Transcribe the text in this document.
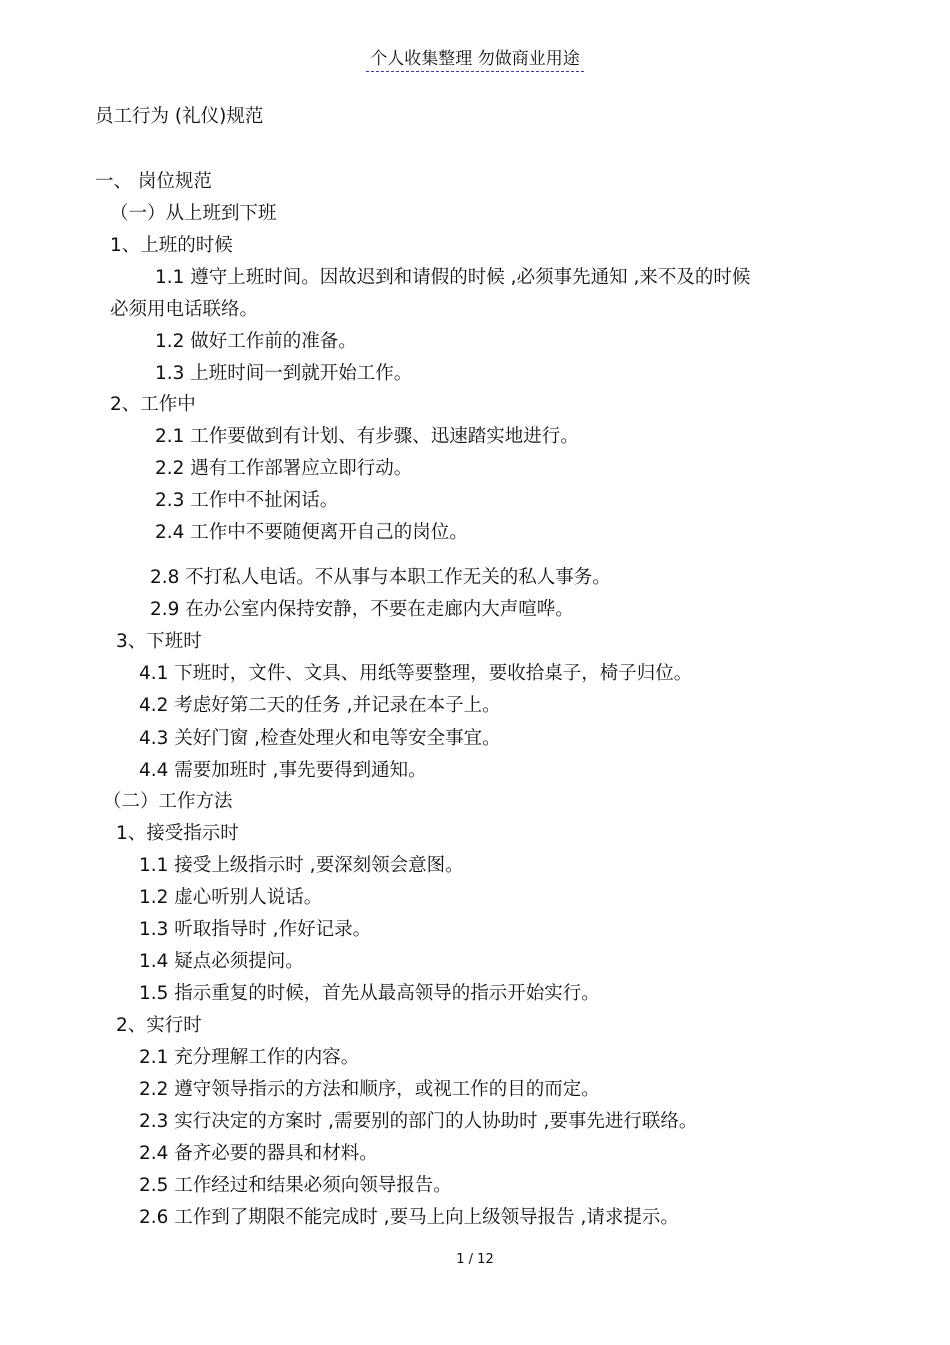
个人收集整理 勿做商业用途
员工行为 (礼仪)规范
一、 岗位规范
（一）从上班到下班
1、上班的时候
1.1 遵守上班时间。因故迟到和请假的时候 ,必须事先通知 ,来不及的时候
必须用电话联络。
1.2 做好工作前的准备。
1.3 上班时间一到就开始工作。
2、工作中
2.1 工作要做到有计划、有步骤、迅速踏实地进行。
2.2 遇有工作部署应立即行动。
2.3 工作中不扯闲话。
2.4 工作中不要随便离开自己的岗位。
2.8 不打私人电话。不从事与本职工作无关的私人事务。
2.9 在办公室内保持安静，不要在走廊内大声喧哗。
3、下班时
4.1 下班时，文件、文具、用纸等要整理，要收拾桌子，椅子归位。
4.2 考虑好第二天的任务 ,并记录在本子上。
4.3 关好门窗 ,检查处理火和电等安全事宜。
4.4 需要加班时 ,事先要得到通知。
（二）工作方法
1、接受指示时
1.1 接受上级指示时 ,要深刻领会意图。
1.2 虚心听别人说话。
1.3 听取指导时 ,作好记录。
1.4 疑点必须提问。
1.5 指示重复的时候，首先从最高领导的指示开始实行。
2、实行时
2.1 充分理解工作的内容。
2.2 遵守领导指示的方法和顺序，或视工作的目的而定。
2.3 实行决定的方案时 ,需要别的部门的人协助时 ,要事先进行联络。
2.4 备齐必要的器具和材料。
2.5 工作经过和结果必须向领导报告。
2.6 工作到了期限不能完成时 ,要马上向上级领导报告 ,请求提示。
1 / 12
